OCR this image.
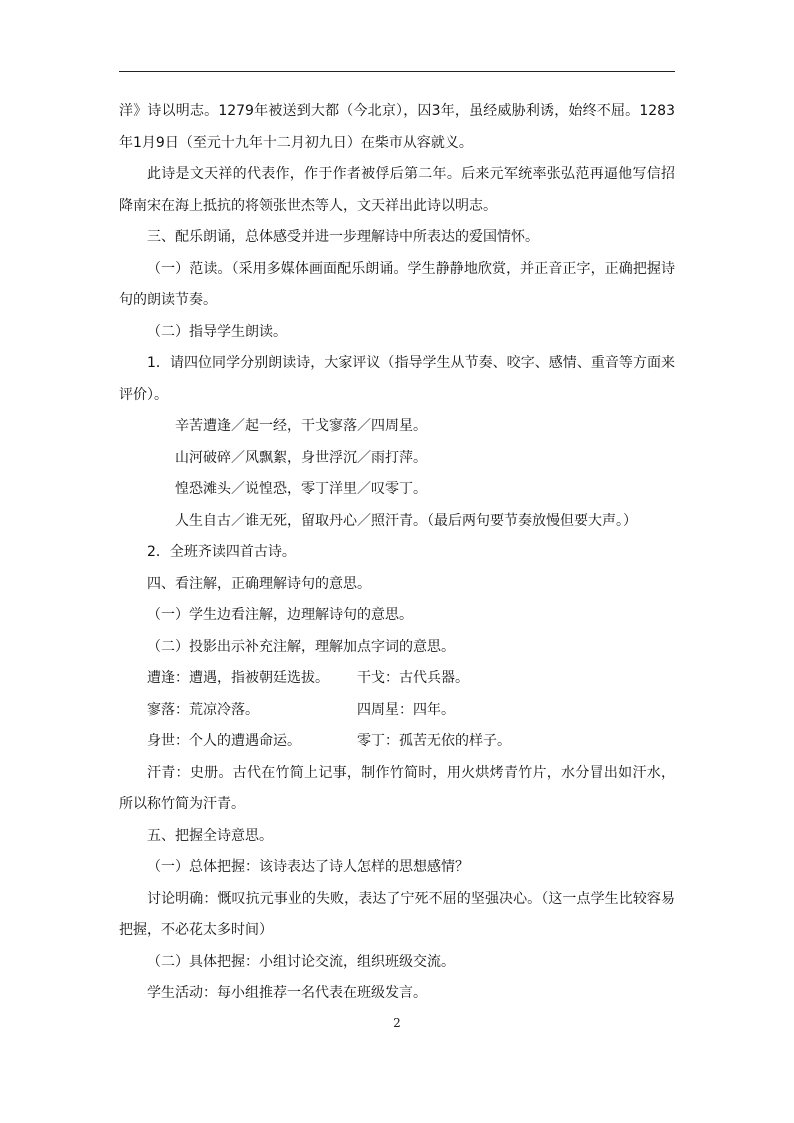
洋》诗以明志。1279年被送到大都（今北京），囚3年，虽经威胁利诱，始终不屈。1283年1月9日（至元十九年十二月初九日）在柴市从容就义。

此诗是文天祥的代表作，作于作者被俘后第二年。后来元军统率张弘范再逼他写信招降南宋在海上抵抗的将领张世杰等人，文天祥出此诗以明志。

三、配乐朗诵，总体感受并进一步理解诗中所表达的爱国情怀。

（一）范读。（采用多媒体画面配乐朗诵。学生静静地欣赏，并正音正字，正确把握诗句的朗读节奏。

（二）指导学生朗读。

1．请四位同学分别朗读诗，大家评议（指导学生从节奏、咬字、感情、重音等方面来评价）。

辛苦遭逢／起一经，干戈寥落／四周星。

山河破碎／风飘絮，身世浮沉／雨打萍。

惶恐滩头／说惶恐，零丁洋里／叹零丁。

人生自古／谁无死，留取丹心／照汗青。（最后两句要节奏放慢但要大声。）

2．全班齐读四首古诗。

四、看注解，正确理解诗句的意思。

（一）学生边看注解，边理解诗句的意思。

（二）投影出示补充注解，理解加点字词的意思。

遭逢：遭遇，指被朝廷选拔。	干戈：古代兵器。
寥落：荒凉冷落。	四周星：四年。
身世：个人的遭遇命运。	零丁：孤苦无依的样子。

汗青：史册。古代在竹简上记事，制作竹简时，用火烘烤青竹片，水分冒出如汗水，所以称竹简为汗青。

五、把握全诗意思。

（一）总体把握：该诗表达了诗人怎样的思想感情？

讨论明确：慨叹抗元事业的失败，表达了宁死不屈的坚强决心。（这一点学生比较容易把握，不必花太多时间）

（二）具体把握：小组讨论交流，组织班级交流。

学生活动：每小组推荐一名代表在班级发言。

2
